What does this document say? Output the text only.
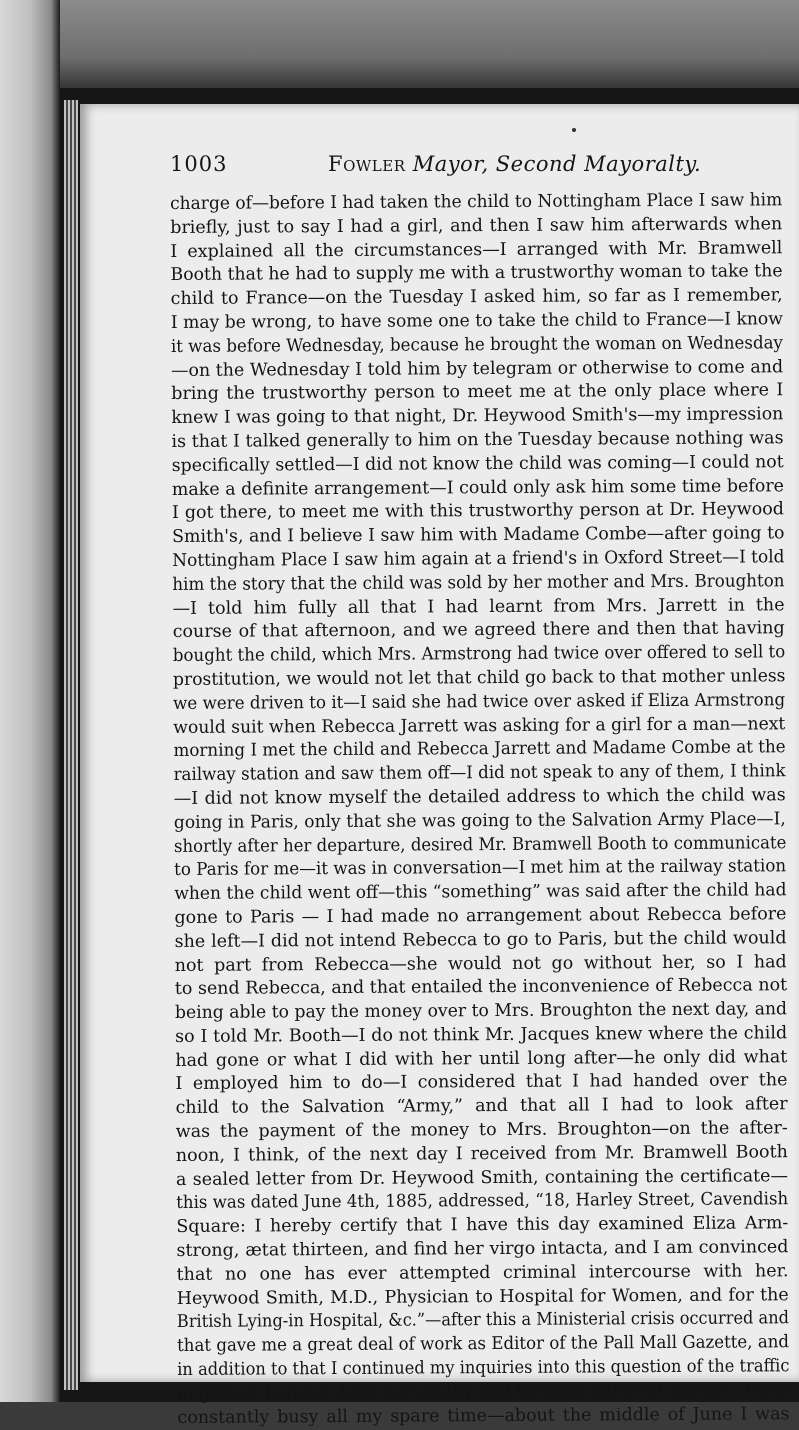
1003	Fowler Mayor, Second Mayoralty.
charge of—before I had taken the child to Nottingham Place I saw him
briefly, just to say I had a girl, and then I saw him afterwards when
I explained all the circumstances—I arranged with Mr. Bramwell
Booth that he had to supply me with a trustworthy woman to take the
child to France—on the Tuesday I asked him, so far as I remember,
I may be wrong, to have some one to take the child to France—I know
it was before Wednesday, because he brought the woman on Wednesday
—on the Wednesday I told him by telegram or otherwise to come and
bring the trustworthy person to meet me at the only place where I
knew I was going to that night, Dr. Heywood Smith's—my impression
is that I talked generally to him on the Tuesday because nothing was
specifically settled—I did not know the child was coming—I could not
make a definite arrangement—I could only ask him some time before
I got there, to meet me with this trustworthy person at Dr. Heywood
Smith's, and I believe I saw him with Madame Combe—after going to
Nottingham Place I saw him again at a friend's in Oxford Street—I told
him the story that the child was sold by her mother and Mrs. Broughton
—I told him fully all that I had learnt from Mrs. Jarrett in the
course of that afternoon, and we agreed there and then that having
bought the child, which Mrs. Armstrong had twice over offered to sell to
prostitution, we would not let that child go back to that mother unless
we were driven to it—I said she had twice over asked if Eliza Armstrong
would suit when Rebecca Jarrett was asking for a girl for a man—next
morning I met the child and Rebecca Jarrett and Madame Combe at the
railway station and saw them off—I did not speak to any of them, I think
—I did not know myself the detailed address to which the child was
going in Paris, only that she was going to the Salvation Army Place—I,
shortly after her departure, desired Mr. Bramwell Booth to communicate
to Paris for me—it was in conversation—I met him at the railway station
when the child went off—this “something” was said after the child had
gone to Paris — I had made no arrangement about Rebecca before
she left—I did not intend Rebecca to go to Paris, but the child would
not part from Rebecca—she would not go without her, so I had
to send Rebecca, and that entailed the inconvenience of Rebecca not
being able to pay the money over to Mrs. Broughton the next day, and
so I told Mr. Booth—I do not think Mr. Jacques knew where the child
had gone or what I did with her until long after—he only did what
I employed him to do—I considered that I had handed over the
child to the Salvation “Army,” and that all I had to look after
was the payment of the money to Mrs. Broughton—on the after-
noon, I think, of the next day I received from Mr. Bramwell Booth
a sealed letter from Dr. Heywood Smith, containing the certificate—
this was dated June 4th, 1885, addressed, “18, Harley Street, Cavendish
Square: I hereby certify that I have this day examined Eliza Arm-
strong, ætat thirteen, and find her virgo intacta, and I am convinced
that no one has ever attempted criminal intercourse with her.
Heywood Smith, M.D., Physician to Hospital for Women, and for the
British Lying-in Hospital, &c.”—after this a Ministerial crisis occurred and
that gave me a great deal of work as Editor of the Pall Mall Gazette, and
in addition to that I continued my inquiries into this question of the traffic
in girls in London, both personally and through different agents—I was
constantly busy all my spare time—about the middle of June I was
